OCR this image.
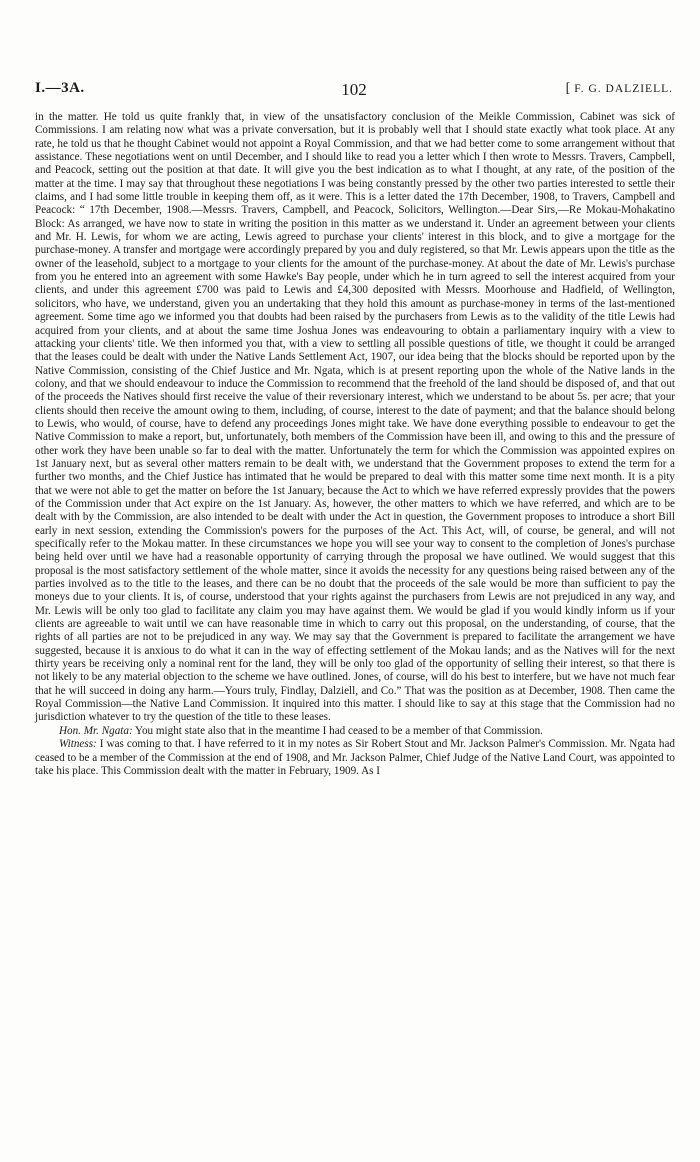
I.—3A.	102	[ F. G. DALZIELL.

in the matter. He told us quite frankly that, in view of the unsatisfactory conclusion of the Meikle Commission, Cabinet was sick of Commissions. I am relating now what was a private conversation, but it is probably well that I should state exactly what took place. At any rate, he told us that he thought Cabinet would not appoint a Royal Commission, and that we had better come to some arrangement without that assistance. These negotiations went on until December, and I should like to read you a letter which I then wrote to Messrs. Travers, Campbell, and Peacock, setting out the position at that date. It will give you the best indication as to what I thought, at any rate, of the position of the matter at the time. I may say that throughout these negotiations I was being constantly pressed by the other two parties interested to settle their claims, and I had some little trouble in keeping them off, as it were. This is a letter dated the 17th December, 1908, to Travers, Campbell and Peacock: “ 17th December, 1908.—Messrs. Travers, Campbell, and Peacock, Solicitors, Wellington.—Dear Sirs,—Re Mokau-Mohakatino Block: As arranged, we have now to state in writing the position in this matter as we understand it. Under an agreement between your clients and Mr. H. Lewis, for whom we are acting, Lewis agreed to purchase your clients' interest in this block, and to give a mortgage for the purchase-money. A transfer and mortgage were accordingly prepared by you and duly registered, so that Mr. Lewis appears upon the title as the owner of the leasehold, subject to a mortgage to your clients for the amount of the purchase-money. At about the date of Mr. Lewis's purchase from you he entered into an agreement with some Hawke's Bay people, under which he in turn agreed to sell the interest acquired from your clients, and under this agreement £700 was paid to Lewis and £4,300 deposited with Messrs. Moorhouse and Hadfield, of Wellington, solicitors, who have, we understand, given you an undertaking that they hold this amount as purchase-money in terms of the last-mentioned agreement. Some time ago we informed you that doubts had been raised by the purchasers from Lewis as to the validity of the title Lewis had acquired from your clients, and at about the same time Joshua Jones was endeavouring to obtain a parliamentary inquiry with a view to attacking your clients' title. We then informed you that, with a view to settling all possible questions of title, we thought it could be arranged that the leases could be dealt with under the Native Lands Settlement Act, 1907, our idea being that the blocks should be reported upon by the Native Commission, consisting of the Chief Justice and Mr. Ngata, which is at present reporting upon the whole of the Native lands in the colony, and that we should endeavour to induce the Commission to recommend that the freehold of the land should be disposed of, and that out of the proceeds the Natives should first receive the value of their reversionary interest, which we understand to be about 5s. per acre; that your clients should then receive the amount owing to them, including, of course, interest to the date of payment; and that the balance should belong to Lewis, who would, of course, have to defend any proceedings Jones might take. We have done everything possible to endeavour to get the Native Commission to make a report, but, unfortunately, both members of the Commission have been ill, and owing to this and the pressure of other work they have been unable so far to deal with the matter. Unfortunately the term for which the Commission was appointed expires on 1st January next, but as several other matters remain to be dealt with, we understand that the Government proposes to extend the term for a further two months, and the Chief Justice has intimated that he would be prepared to deal with this matter some time next month. It is a pity that we were not able to get the matter on before the 1st January, because the Act to which we have referred expressly provides that the powers of the Commission under that Act expire on the 1st January. As, however, the other matters to which we have referred, and which are to be dealt with by the Commission, are also intended to be dealt with under the Act in question, the Government proposes to introduce a short Bill early in next session, extending the Commission's powers for the purposes of the Act. This Act, will, of course, be general, and will not specifically refer to the Mokau matter. In these circumstances we hope you will see your way to consent to the completion of Jones's purchase being held over until we have had a reasonable opportunity of carrying through the proposal we have outlined. We would suggest that this proposal is the most satisfactory settlement of the whole matter, since it avoids the necessity for any questions being raised between any of the parties involved as to the title to the leases, and there can be no doubt that the proceeds of the sale would be more than sufficient to pay the moneys due to your clients. It is, of course, understood that your rights against the purchasers from Lewis are not prejudiced in any way, and Mr. Lewis will be only too glad to facilitate any claim you may have against them. We would be glad if you would kindly inform us if your clients are agreeable to wait until we can have reasonable time in which to carry out this proposal, on the understanding, of course, that the rights of all parties are not to be prejudiced in any way. We may say that the Government is prepared to facilitate the arrangement we have suggested, because it is anxious to do what it can in the way of effecting settlement of the Mokau lands; and as the Natives will for the next thirty years be receiving only a nominal rent for the land, they will be only too glad of the opportunity of selling their interest, so that there is not likely to be any material objection to the scheme we have outlined. Jones, of course, will do his best to interfere, but we have not much fear that he will succeed in doing any harm.—Yours truly, Findlay, Dalziell, and Co.” That was the position as at December, 1908. Then came the Royal Commission—the Native Land Commission. It inquired into this matter. I should like to say at this stage that the Commission had no jurisdiction whatever to try the question of the title to these leases.

Hon. Mr. Ngata: You might state also that in the meantime I had ceased to be a member of that Commission.

Witness: I was coming to that. I have referred to it in my notes as Sir Robert Stout and Mr. Jackson Palmer's Commission. Mr. Ngata had ceased to be a member of the Commission at the end of 1908, and Mr. Jackson Palmer, Chief Judge of the Native Land Court, was appointed to take his place. This Commission dealt with the matter in February, 1909. As I
